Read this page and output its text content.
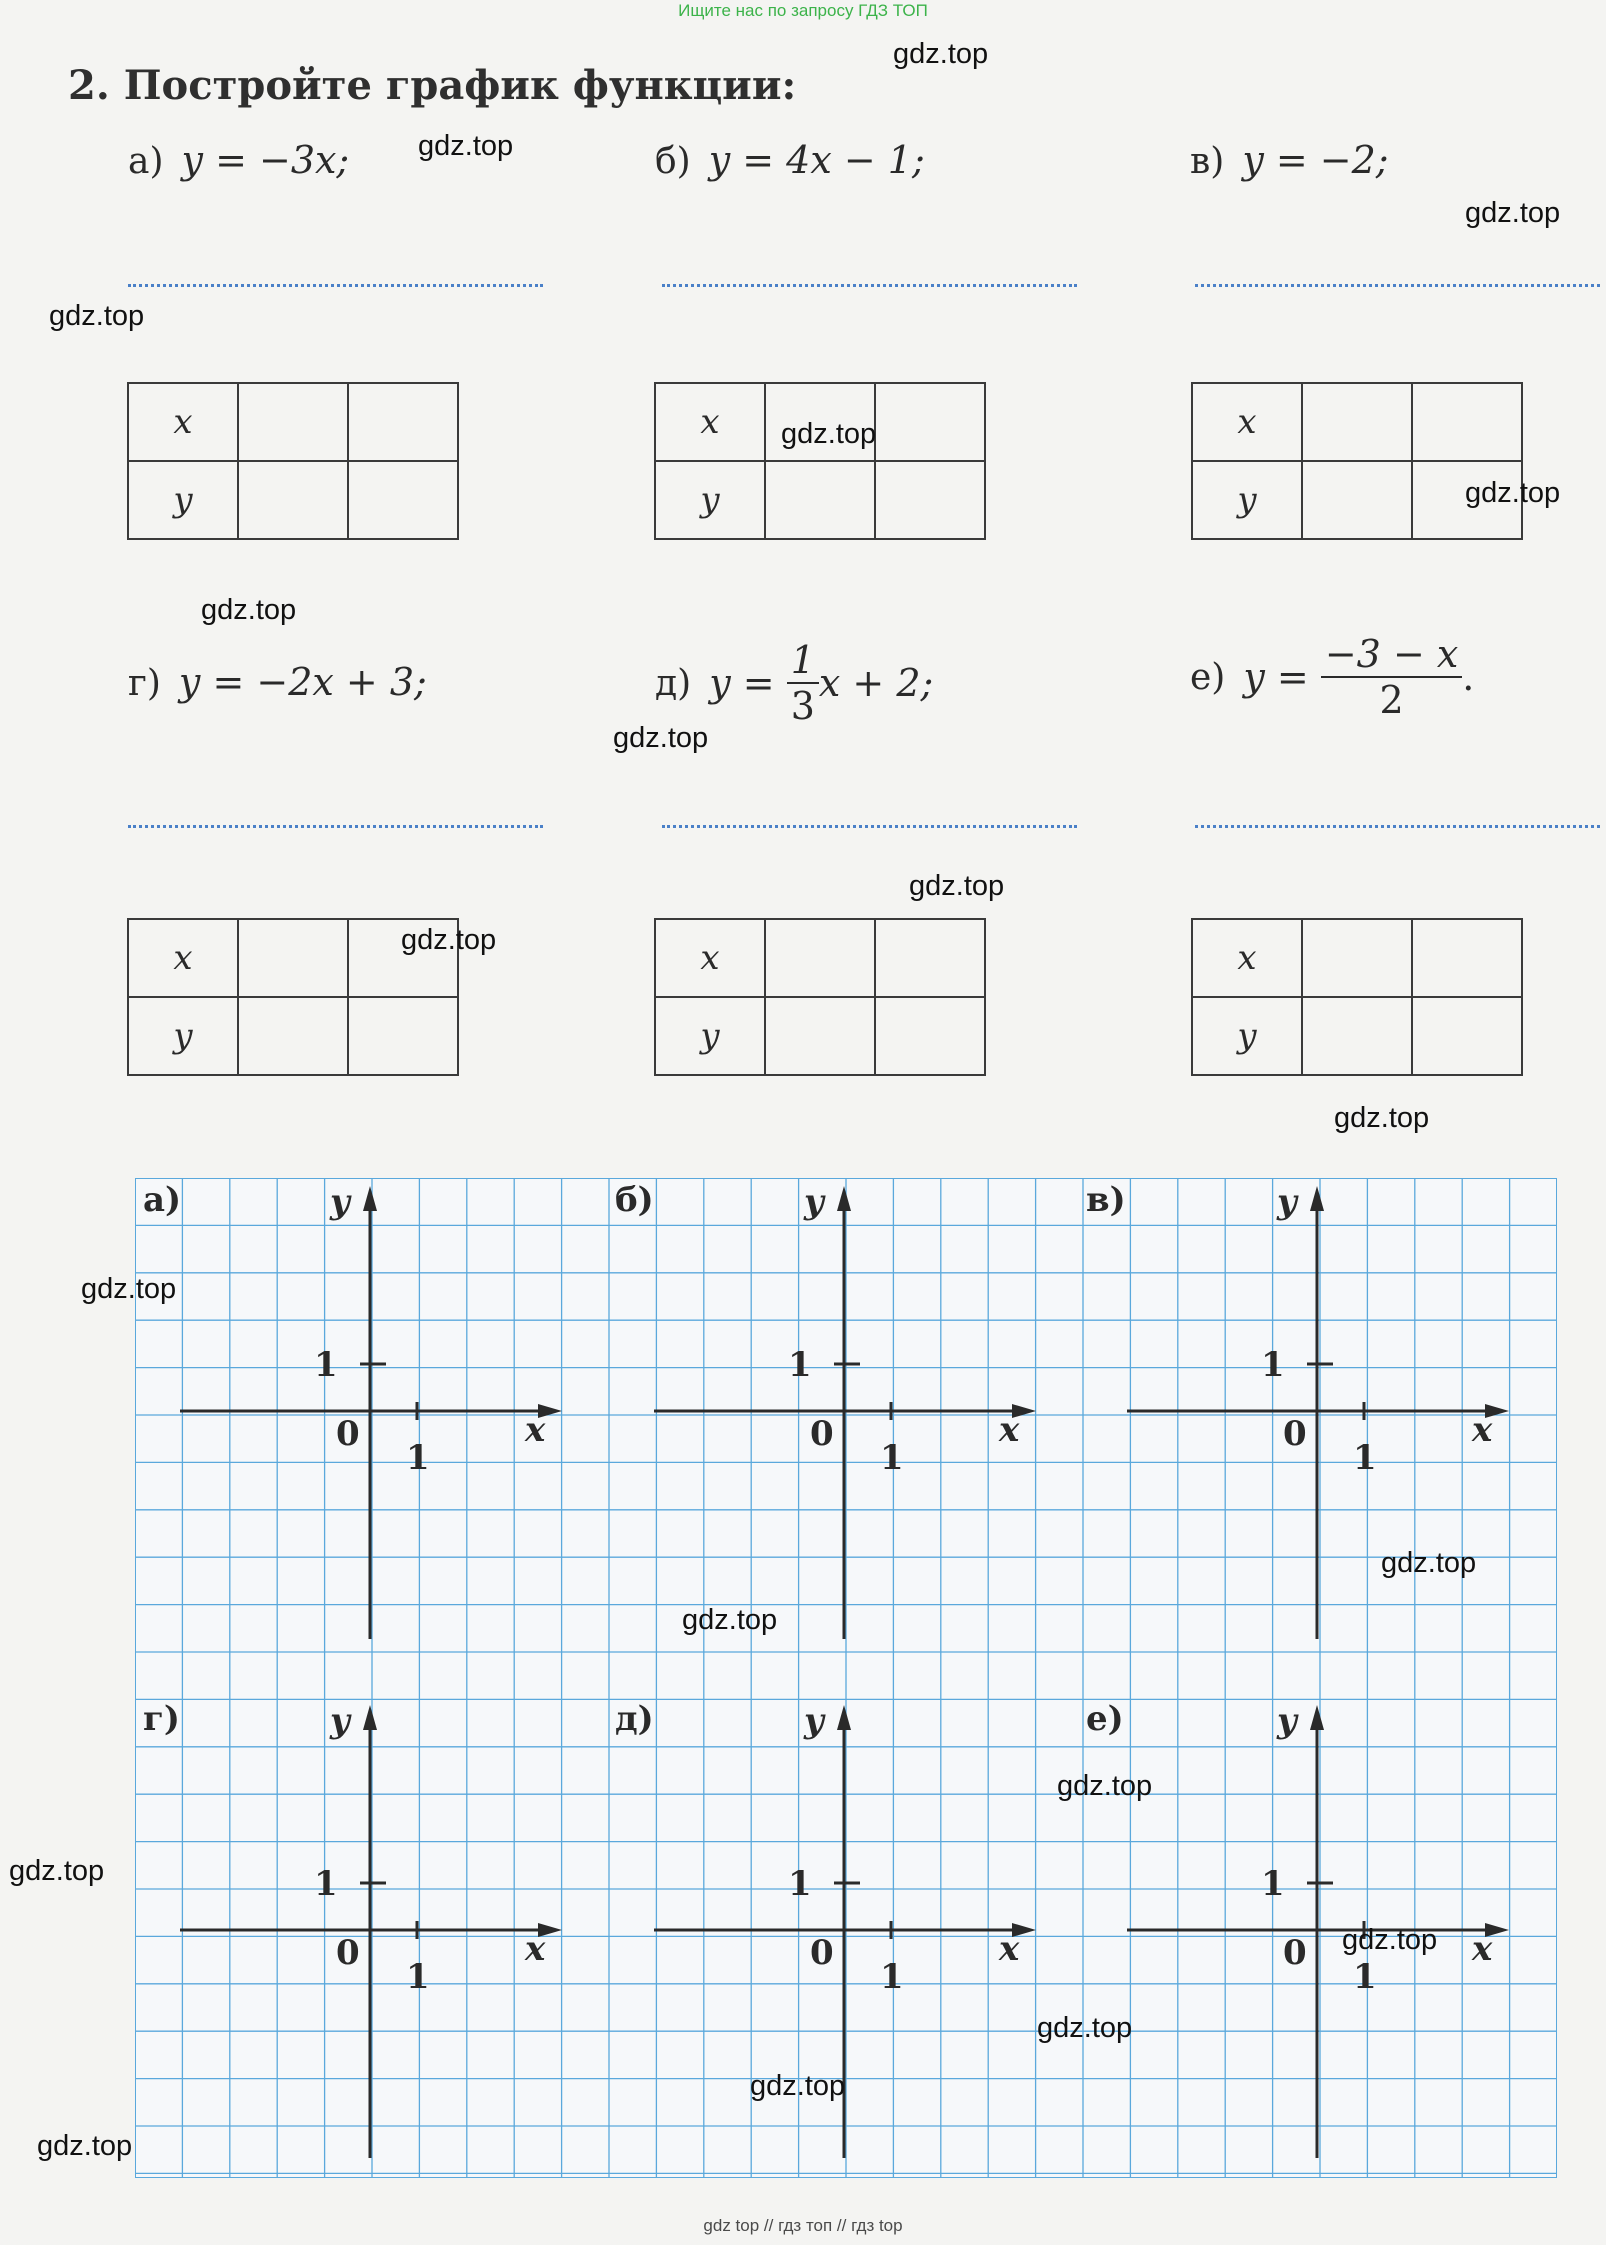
Ищите нас по запросу ГДЗ ТОП
2. Постройте график функции:
а) y = −3x;	б) y = 4x − 1;	в) y = −2;
x		
y		
x		
y		
x		
y		
г) y = −2x + 3;	д) $y = \frac{1}{3}$ x + 2;	е) $y = \frac{-3 - x}{2}$ .
x		
y		
x		
y		
x		
y		
а)	y
x
0
1
1
б)	y
x
0
1
1
в)	y
x
0
1
1
г)	y
x
0
1
1
д)	y
x
0
1
1
е)	y
x
0
1
1
gdz.top
gdz.top
gdz.top
gdz.top
gdz.top
gdz.top
gdz.top
gdz.top
gdz.top
gdz.top
gdz.top
gdz.top
gdz.top
gdz.top
gdz.top
gdz.top
gdz.top
gdz.top
gdz.top
gdz.top
gdz top // гдз топ // гдз top
